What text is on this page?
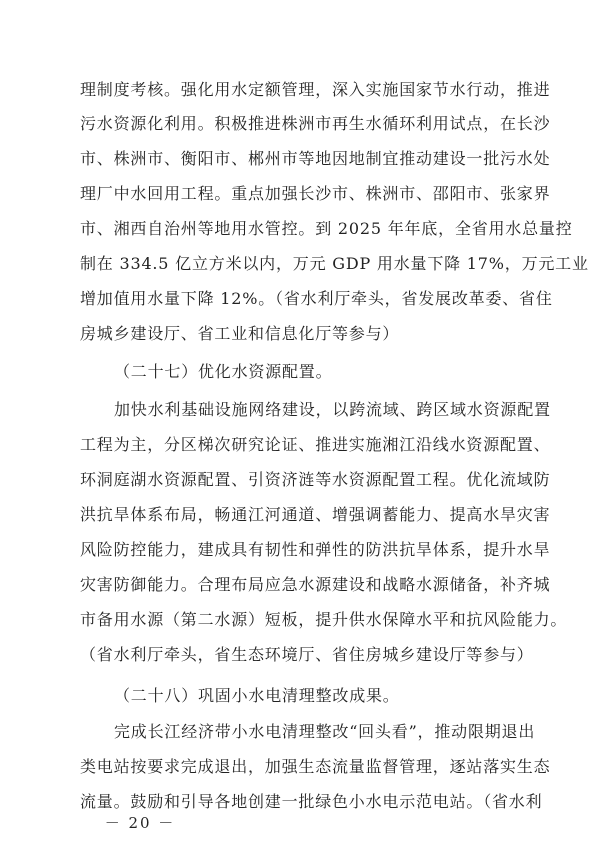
理制度考核。强化用水定额管理，深入实施国家节水行动，推进
污水资源化利用。积极推进株洲市再生水循环利用试点，在长沙
市、株洲市、衡阳市、郴州市等地因地制宜推动建设一批污水处
理厂中水回用工程。重点加强长沙市、株洲市、邵阳市、张家界
市、湘西自治州等地用水管控。到 2025 年年底，全省用水总量控
制在 334.5 亿立方米以内，万元 GDP 用水量下降 17%，万元工业
增加值用水量下降 12%。（省水利厅牵头，省发展改革委、省住
房城乡建设厅、省工业和信息化厅等参与）
（二十七）优化水资源配置。
加快水利基础设施网络建设，以跨流域、跨区域水资源配置
工程为主，分区梯次研究论证、推进实施湘江沿线水资源配置、
环洞庭湖水资源配置、引资济涟等水资源配置工程。优化流域防
洪抗旱体系布局，畅通江河通道、增强调蓄能力、提高水旱灾害
风险防控能力，建成具有韧性和弹性的防洪抗旱体系，提升水旱
灾害防御能力。合理布局应急水源建设和战略水源储备，补齐城
市备用水源（第二水源）短板，提升供水保障水平和抗风险能力。
（省水利厅牵头，省生态环境厅、省住房城乡建设厅等参与）
（二十八）巩固小水电清理整改成果。
完成长江经济带小水电清理整改“回头看”，推动限期退出
类电站按要求完成退出，加强生态流量监督管理，逐站落实生态
流量。鼓励和引导各地创建一批绿色小水电示范电站。（省水利
－ 20 －
